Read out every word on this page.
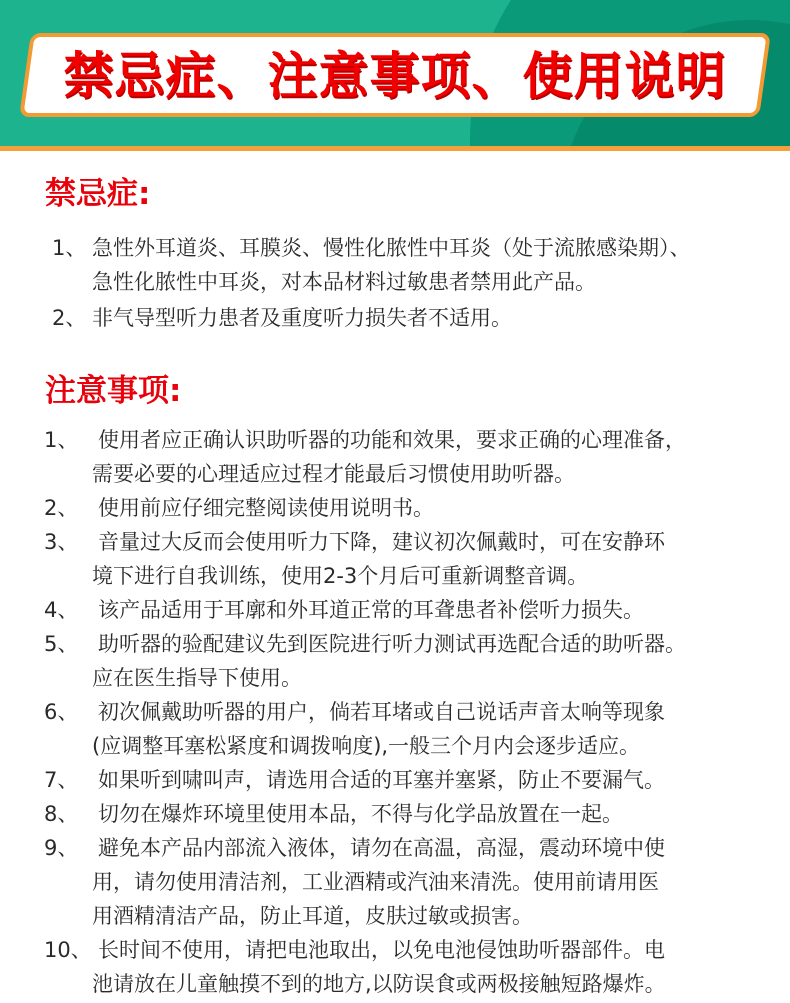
禁忌症、注意事项、使用说明
禁忌症:
1、 急性外耳道炎、耳膜炎、慢性化脓性中耳炎（处于流脓感染期）、
急性化脓性中耳炎，对本品材料过敏患者禁用此产品。
2、 非气导型听力患者及重度听力损失者不适用。
注意事项:
1、 使用者应正确认识助听器的功能和效果，要求正确的心理准备，
需要必要的心理适应过程才能最后习惯使用助听器。
2、 使用前应仔细完整阅读使用说明书。
3、 音量过大反而会使用听力下降，建议初次佩戴时，可在安静环
境下进行自我训练，使用2-3个月后可重新调整音调。
4、 该产品适用于耳廓和外耳道正常的耳聋患者补偿听力损失。
5、 助听器的验配建议先到医院进行听力测试再选配合适的助听器。
应在医生指导下使用。
6、 初次佩戴助听器的用户，倘若耳堵或自己说话声音太响等现象
(应调整耳塞松紧度和调拨响度),一般三个月内会逐步适应。
7、 如果听到啸叫声，请选用合适的耳塞并塞紧，防止不要漏气。
8、 切勿在爆炸环境里使用本品，不得与化学品放置在一起。
9、 避免本产品内部流入液体，请勿在高温，高湿，震动环境中使
用，请勿使用清洁剂，工业酒精或汽油来清洗。使用前请用医
用酒精清洁产品，防止耳道，皮肤过敏或损害。
10、 长时间不使用，请把电池取出，以免电池侵蚀助听器部件。电
池请放在儿童触摸不到的地方,以防误食或两极接触短路爆炸。
